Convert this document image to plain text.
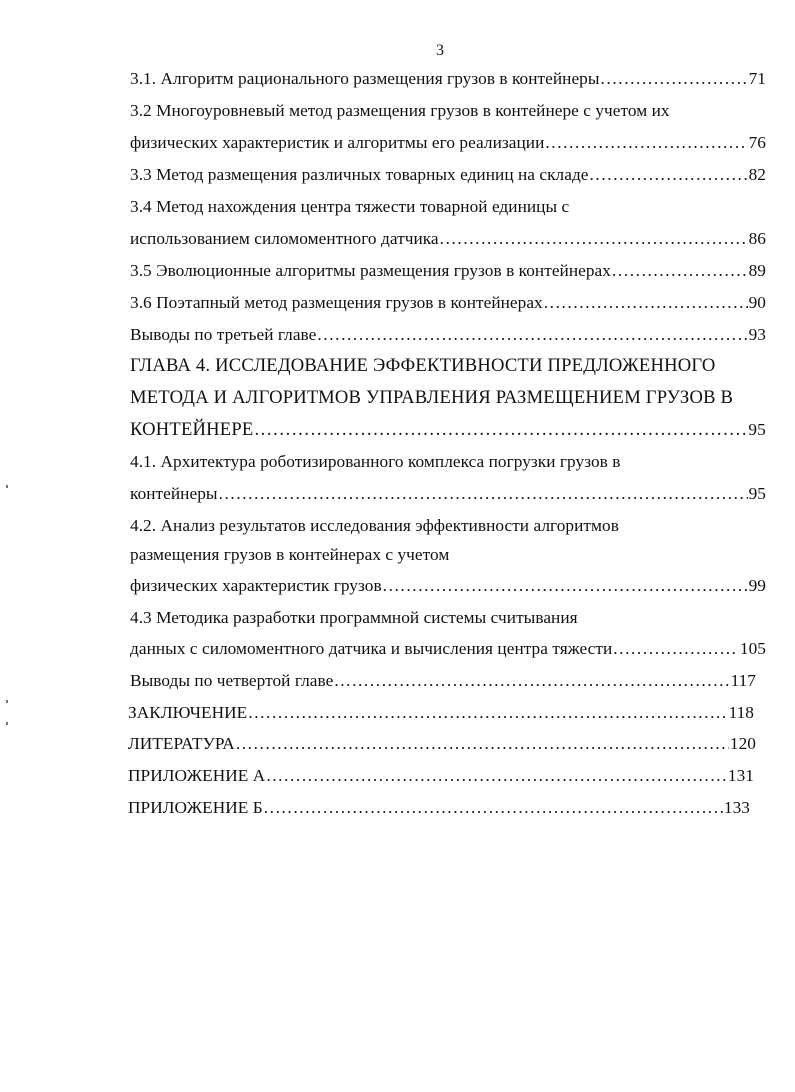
3
3.1. Алгоритм рационального размещения грузов в контейнеры .....	71
3.2 Многоуровневый метод размещения грузов в контейнере с учетом их
физических характеристик и алгоритмы его реализации .....	76
3.3 Метод размещения различных товарных единиц на складе .....	82
3.4 Метод нахождения центра тяжести товарной единицы с
использованием силомоментного датчика .....	86
3.5 Эволюционные алгоритмы размещения грузов в контейнерах .....	89
3.6 Поэтапный метод размещения грузов в контейнерах .....	90
Выводы по третьей главе .....	93
ГЛАВА 4. ИССЛЕДОВАНИЕ ЭФФЕКТИВНОСТИ ПРЕДЛОЖЕННОГО
МЕТОДА И АЛГОРИТМОВ УПРАВЛЕНИЯ РАЗМЕЩЕНИЕМ ГРУЗОВ В
КОНТЕЙНЕРЕ .....	95
4.1. Архитектура роботизированного комплекса погрузки грузов в
контейнеры .....	95
4.2. Анализ результатов исследования эффективности алгоритмов
размещения грузов в контейнерах с учетом
физических характеристик грузов .....	99
4.3 Методика разработки программной системы считывания
данных с силомоментного датчика и вычисления центра тяжести .....	105
Выводы по четвертой главе .....	117
ЗАКЛЮЧЕНИЕ .....	118
ЛИТЕРАТУРА .....	120
ПРИЛОЖЕНИЕ А .....	131
ПРИЛОЖЕНИЕ Б .....	133
